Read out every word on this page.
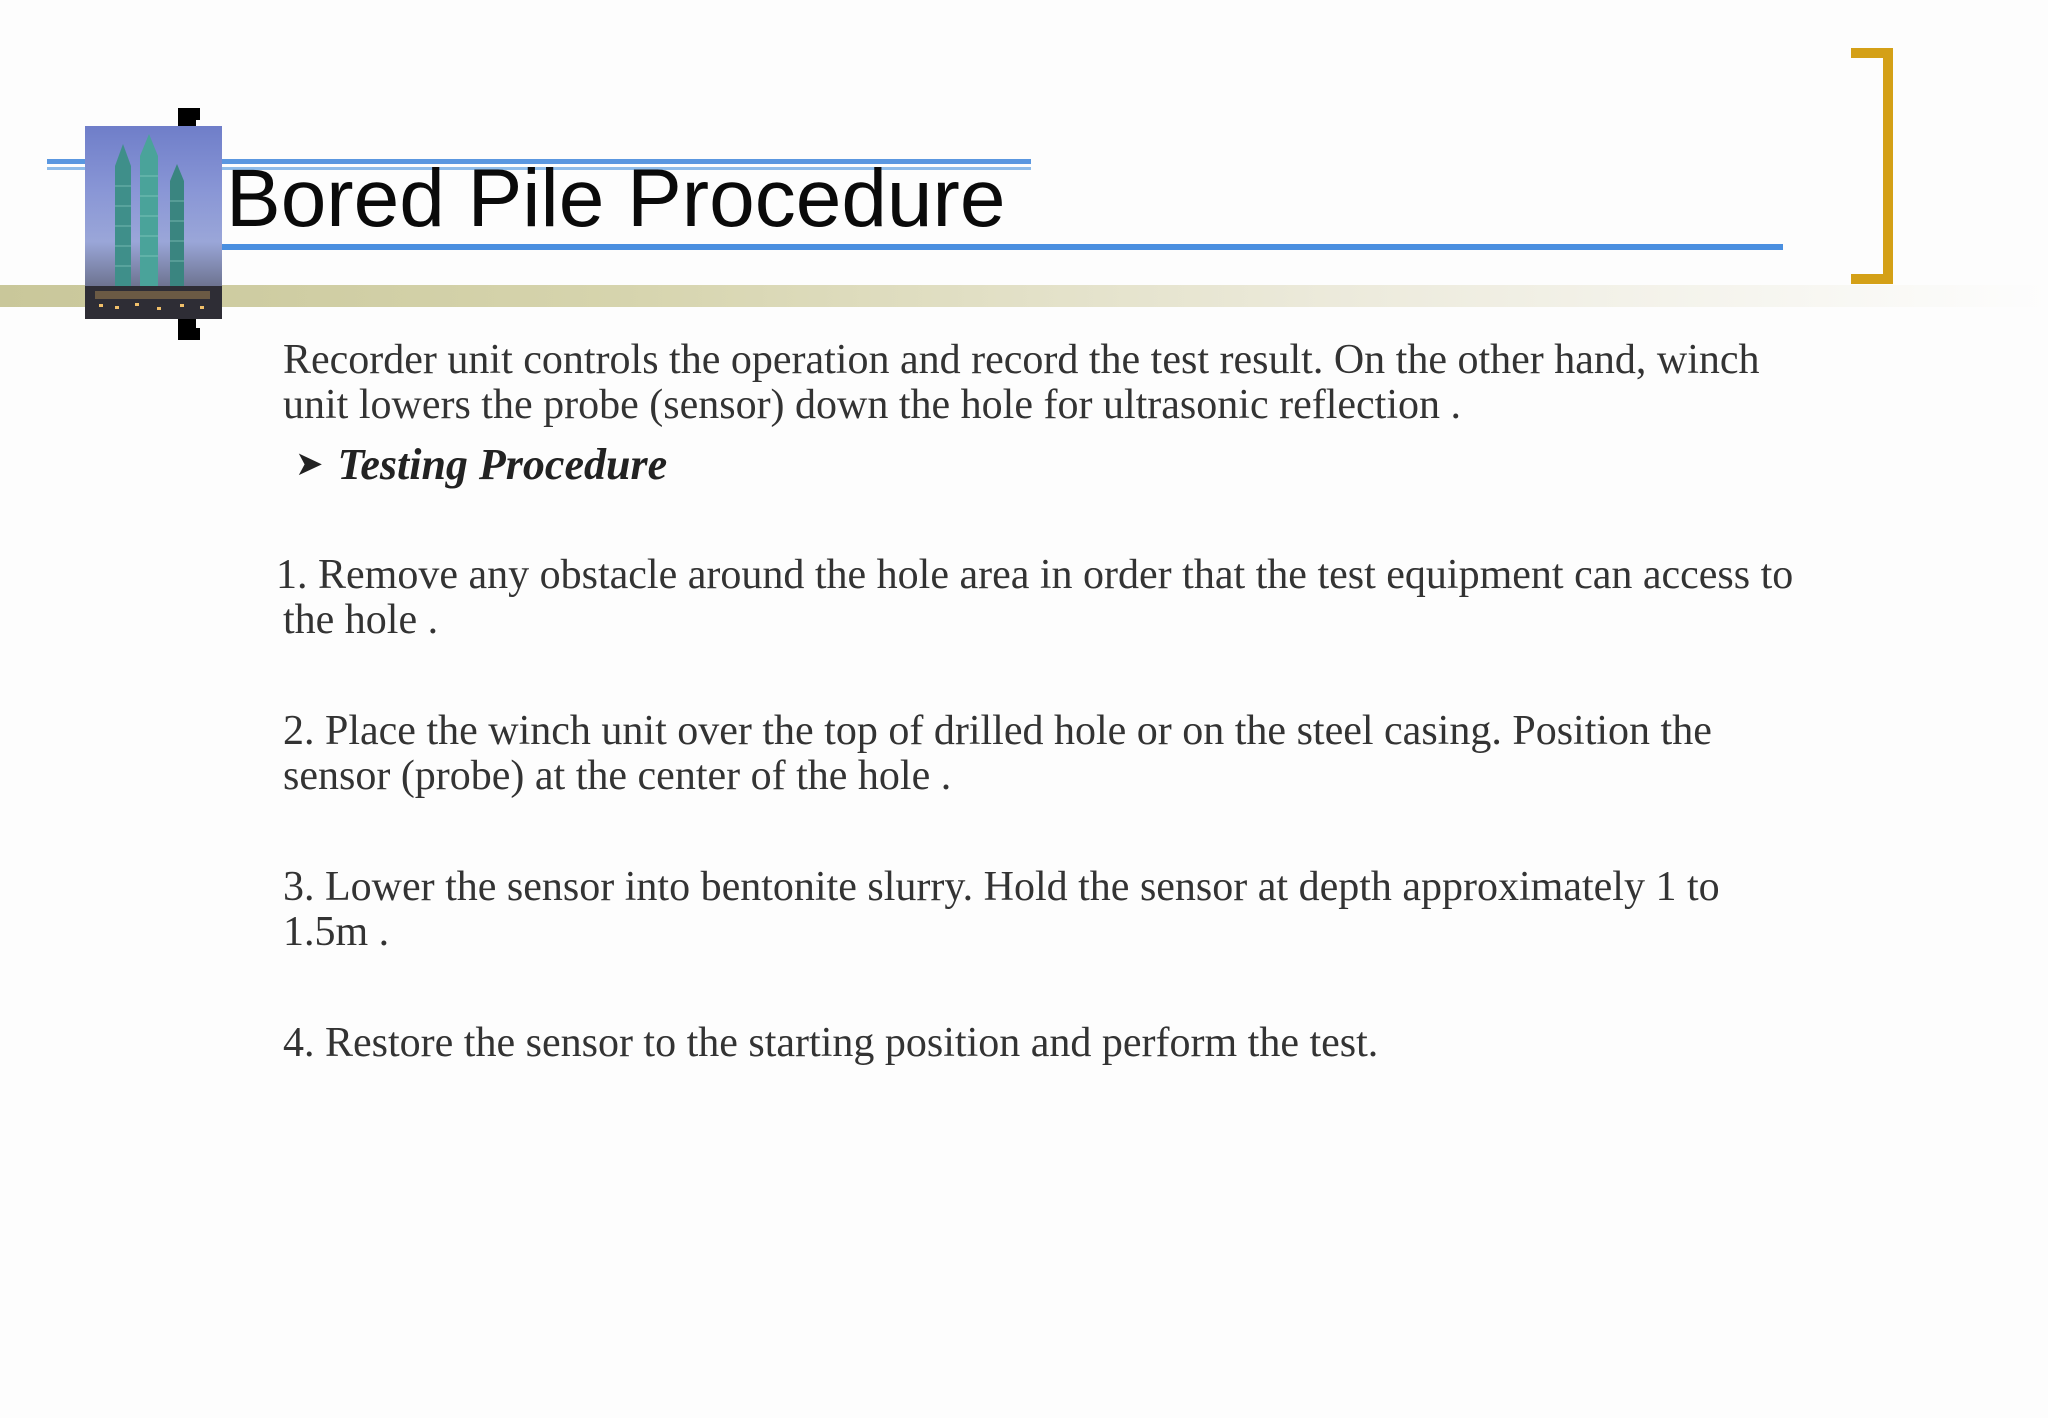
Bored Pile Procedure

Recorder unit controls the operation and record the test result. On the other hand, winch unit lowers the probe (sensor) down the hole for ultrasonic reflection .

➤ Testing Procedure

1. Remove any obstacle around the hole area in order that the test equipment can access to the hole .

2. Place the winch unit over the top of drilled hole or on the steel casing. Position the sensor (probe) at the center of the hole .

3. Lower the sensor into bentonite slurry. Hold the sensor at depth approximately 1 to 1.5m .

4. Restore the sensor to the starting position and perform the test.
